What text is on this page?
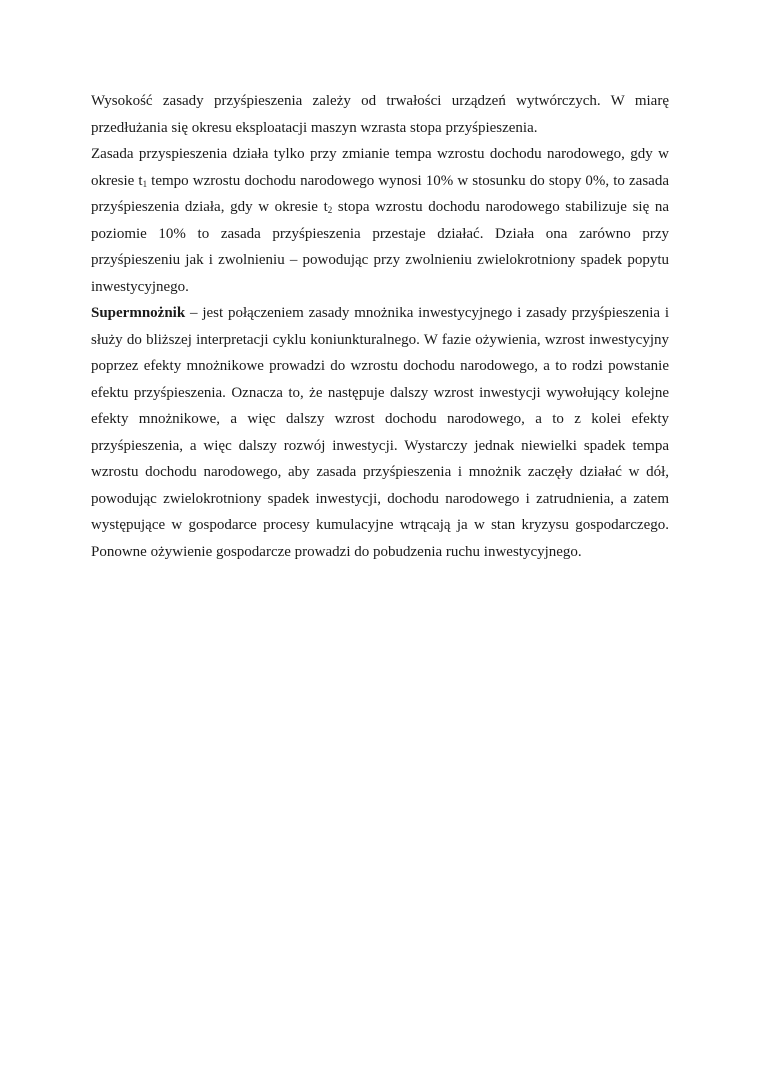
Wysokość zasady przyśpieszenia zależy od trwałości urządzeń wytwórczych. W miarę przedłużania się okresu eksploatacji maszyn wzrasta stopa przyśpieszenia.

Zasada przyspieszenia działa tylko przy zmianie tempa wzrostu dochodu narodowego, gdy w okresie $t_1$ tempo wzrostu dochodu narodowego wynosi 10% w stosunku do stopy 0%, to zasada przyśpieszenia działa, gdy w okresie $t_2$ stopa wzrostu dochodu narodowego stabilizuje się na poziomie 10% to zasada przyśpieszenia przestaje działać. Działa ona zarówno przy przyśpieszeniu jak i zwolnieniu – powodując przy zwolnieniu zwielokrotniony spadek popytu inwestycyjnego.

Supermnożnik – jest połączeniem zasady mnożnika inwestycyjnego i zasady przyśpieszenia i służy do bliższej interpretacji cyklu koniunkturalnego. W fazie ożywienia, wzrost inwestycyjny poprzez efekty mnożnikowe prowadzi do wzrostu dochodu narodowego, a to rodzi powstanie efektu przyśpieszenia. Oznacza to, że następuje dalszy wzrost inwestycji wywołujący kolejne efekty mnożnikowe, a więc dalszy wzrost dochodu narodowego, a to z kolei efekty przyśpieszenia, a więc dalszy rozwój inwestycji. Wystarczy jednak niewielki spadek tempa wzrostu dochodu narodowego, aby zasada przyśpieszenia i mnożnik zaczęły działać w dół, powodując zwielokrotniony spadek inwestycji, dochodu narodowego i zatrudnienia, a zatem występujące w gospodarce procesy kumulacyjne wtrącają ja w stan kryzysu gospodarczego. Ponowne ożywienie gospodarcze prowadzi do pobudzenia ruchu inwestycyjnego.
